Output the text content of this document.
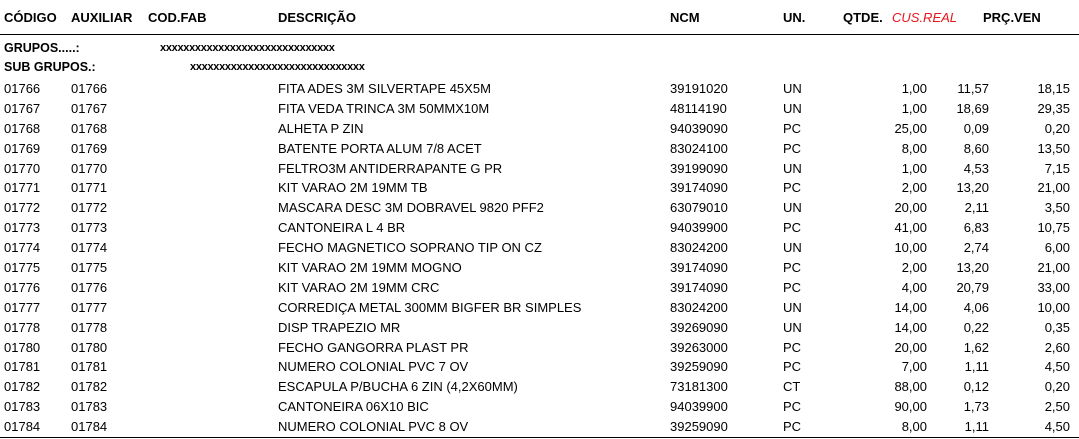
CÓDIGO AUXILIAR COD.FAB	DESCRIÇÃO	NCM	UN.	QTDE. CUS.REAL PRÇ.VEN
GRUPOS.....:	xxxxxxxxxxxxxxxxxxxxxxxxxxxxxx
SUB GRUPOS.:	xxxxxxxxxxxxxxxxxxxxxxxxxxxxxx
01766 01766	FITA ADES 3M SILVERTAPE 45X5M	39191020	UN	1,00 11,57	18,15
01767 01767	FITA VEDA TRINCA 3M 50MMX10M	48114190	UN	1,00 18,69	29,35
01768 01768	ALHETA P ZIN	94039090	PC	25,00	0,09	0,20
01769 01769	BATENTE PORTA ALUM 7/8 ACET	83024100	PC	8,00	8,60	13,50
01770 01770	FELTRO3M ANTIDERRAPANTE G PR	39199090	UN	1,00	4,53	7,15
01771 01771	KIT VARAO 2M 19MM TB	39174090	PC	2,00 13,20	21,00
01772 01772	MASCARA DESC 3M DOBRAVEL 9820 PFF2	63079010	UN	20,00	2,11	3,50
01773 01773	CANTONEIRA L 4 BR	94039900	PC	41,00	6,83	10,75
01774 01774	FECHO MAGNETICO SOPRANO TIP ON CZ	83024200	UN	10,00	2,74	6,00
01775 01775	KIT VARAO 2M 19MM MOGNO	39174090	PC	2,00 13,20	21,00
01776 01776	KIT VARAO 2M 19MM CRC	39174090	PC	4,00 20,79	33,00
01777 01777	CORREDIÇA METAL 300MM BIGFER BR SIMPLES	83024200	UN	14,00	4,06	10,00
01778 01778	DISP TRAPEZIO MR	39269090	UN	14,00	0,22	0,35
01780 01780	FECHO GANGORRA PLAST PR	39263000	PC	20,00	1,62	2,60
01781 01781	NUMERO COLONIAL PVC 7 OV	39259090	PC	7,00	1,11	4,50
01782 01782	ESCAPULA P/BUCHA 6 ZIN (4,2X60MM)	73181300	CT	88,00	0,12	0,20
01783 01783	CANTONEIRA 06X10 BIC	94039900	PC	90,00	1,73	2,50
01784 01784	NUMERO COLONIAL PVC 8 OV	39259090	PC	8,00	1,11	4,50
